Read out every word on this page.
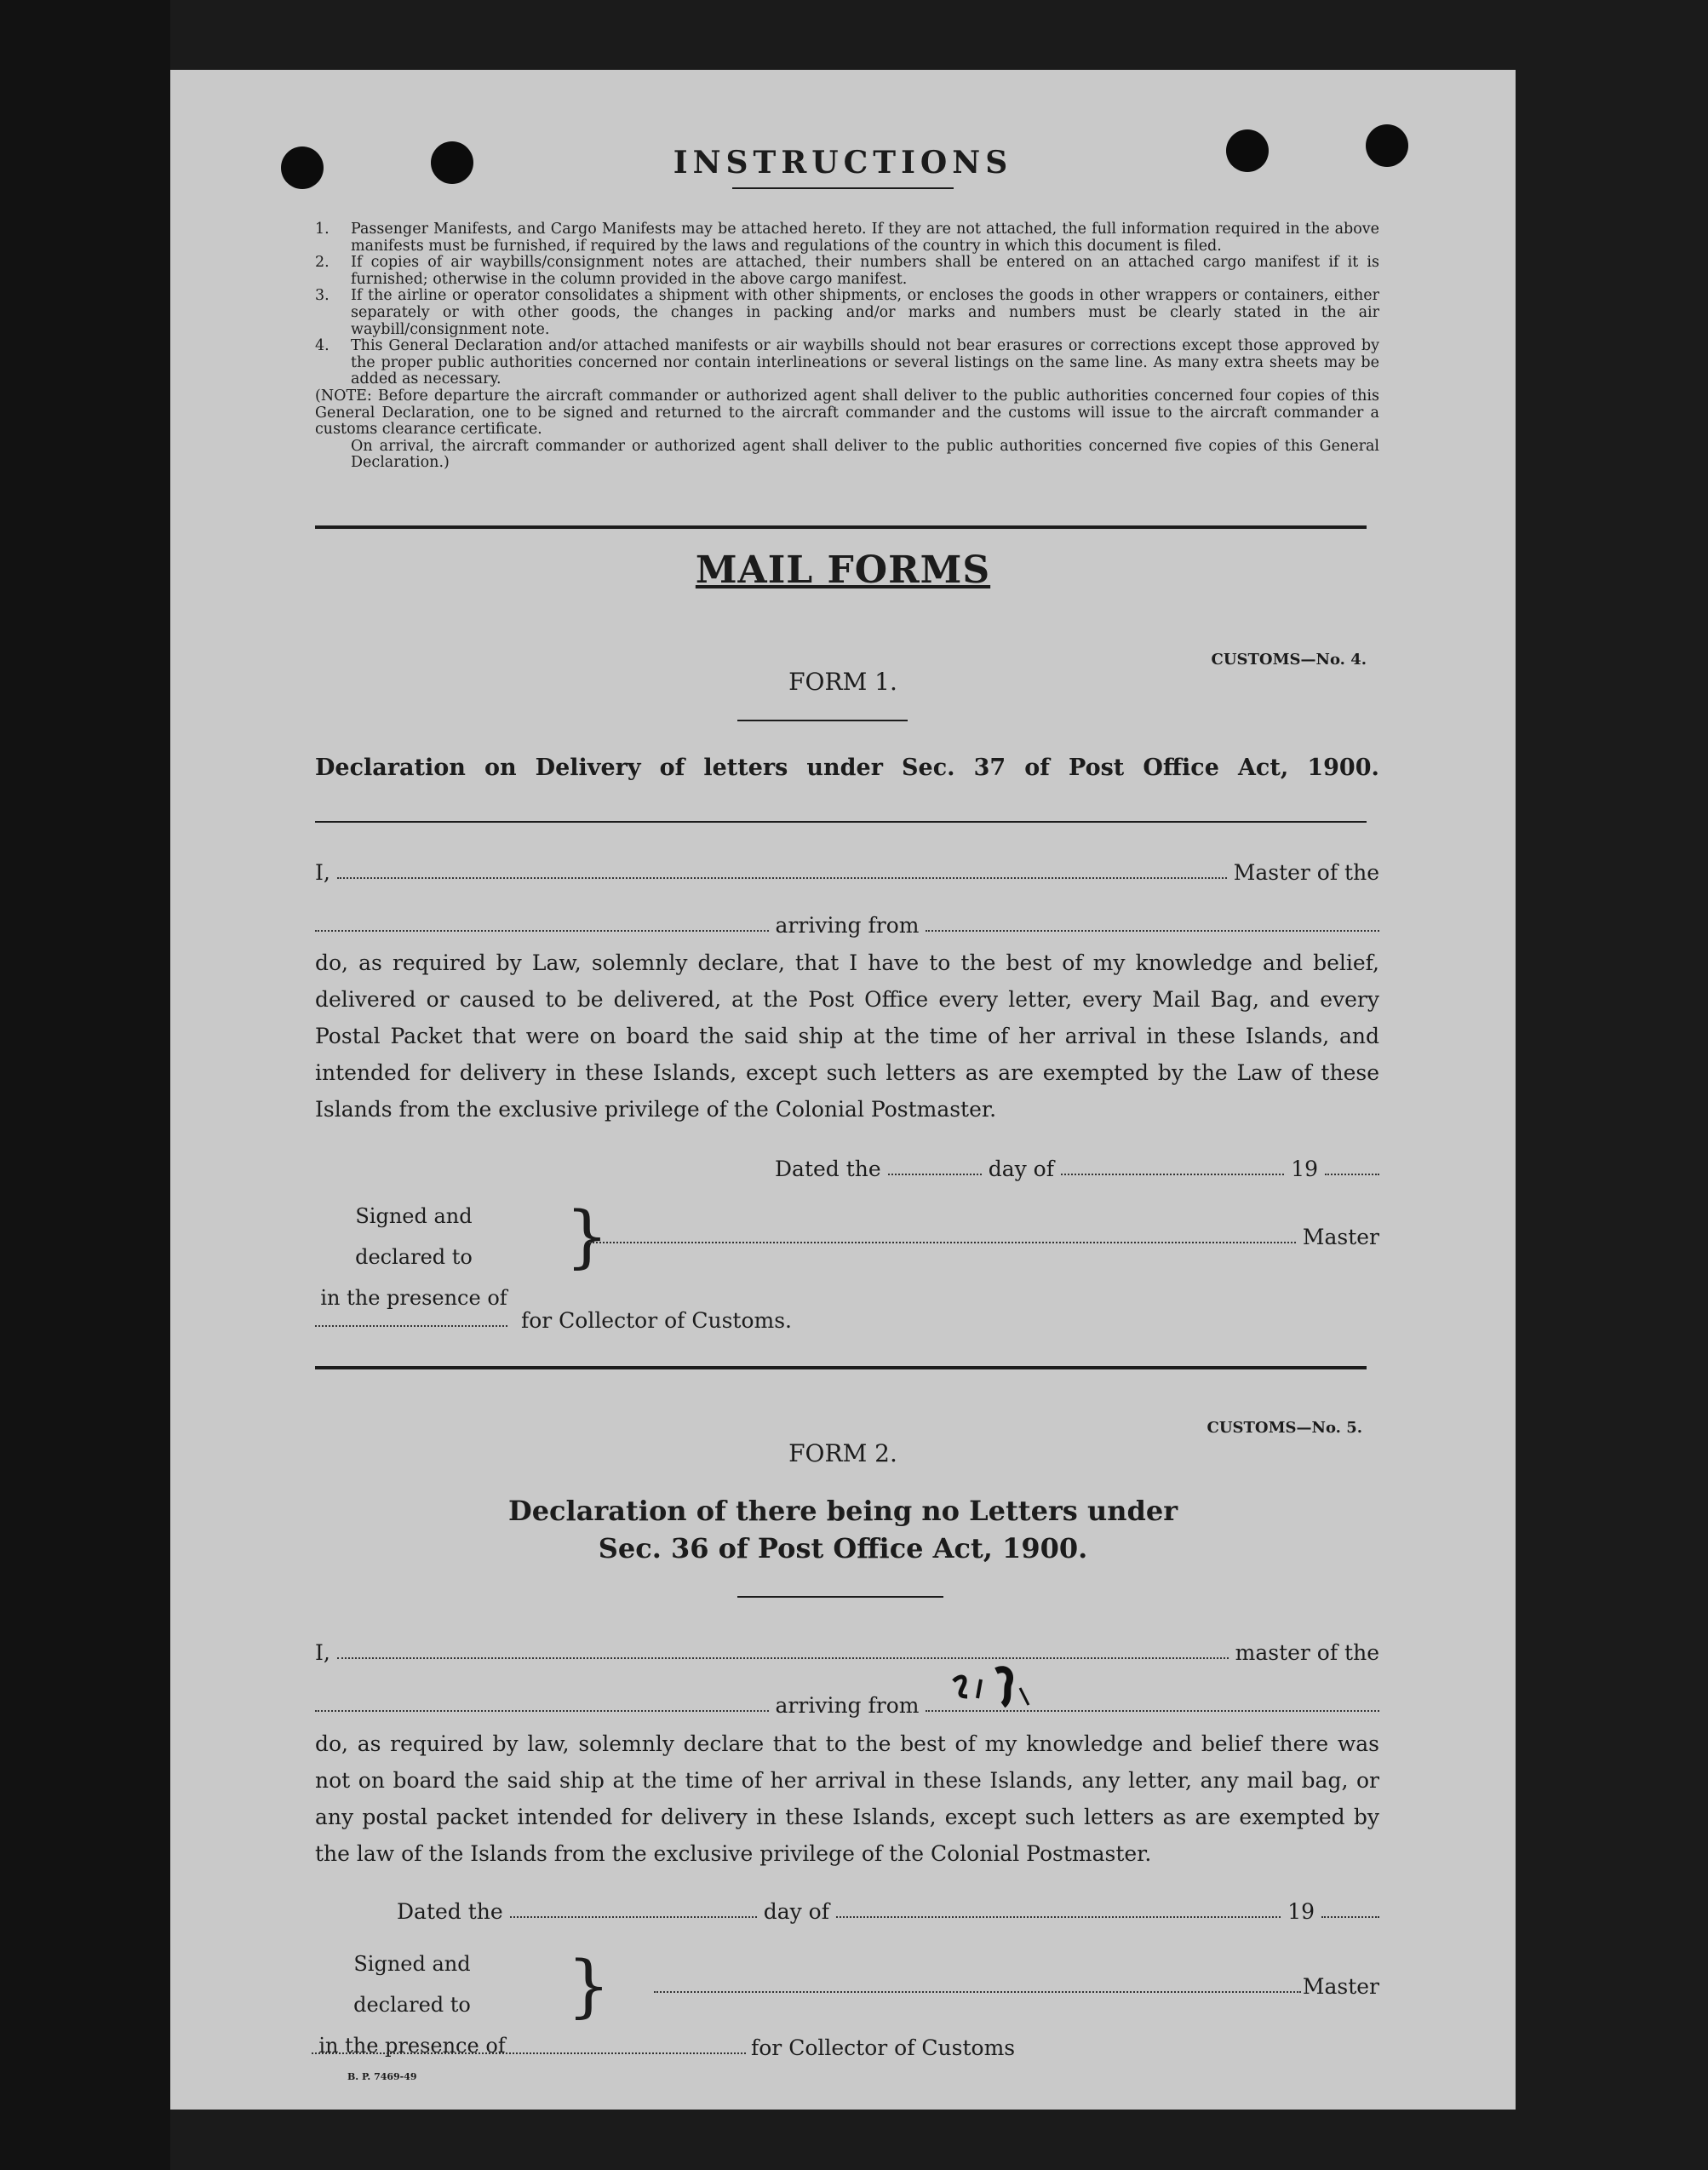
INSTRUCTIONS
1.	Passenger Manifests, and Cargo Manifests may be attached hereto. If they are not attached, the full information required in the above manifests must be furnished, if required by the laws and regulations of the country in which this document is filed.
2.	If copies of air waybills/consignment notes are attached, their numbers shall be entered on an attached cargo manifest if it is furnished; otherwise in the column provided in the above cargo manifest.
3.	If the airline or operator consolidates a shipment with other shipments, or encloses the goods in other wrappers or containers, either separately or with other goods, the changes in packing and/or marks and numbers must be clearly stated in the air waybill/consignment note.
4.	This General Declaration and/or attached manifests or air waybills should not bear erasures or corrections except those approved by the proper public authorities concerned nor contain interlineations or several listings on the same line. As many extra sheets may be added as necessary.
(NOTE: Before departure the aircraft commander or authorized agent shall deliver to the public authorities concerned four copies of this General Declaration, one to be signed and returned to the aircraft commander and the customs will issue to the aircraft commander a customs clearance certificate.
On arrival, the aircraft commander or authorized agent shall deliver to the public authorities concerned five copies of this General Declaration.)
MAIL FORMS
CUSTOMS—No. 4.
FORM 1.
Declaration on Delivery of letters under Sec. 37 of Post Office Act, 1900.
I,	Master of the
arriving from
do, as required by Law, solemnly declare, that I have to the best of my knowledge and belief, delivered or caused to be delivered, at the Post Office every letter, every Mail Bag, and every Postal Packet that were on board the said ship at the time of her arrival in these Islands, and intended for delivery in these Islands, except such letters as are exempted by the Law of these Islands from the exclusive privilege of the Colonial Postmaster.
Dated the	day of	19
Signed and declared to
in the presence of
}	Master
for Collector of Customs.
CUSTOMS—No. 5.
FORM 2.
Declaration of there being no Letters under
Sec. 36 of Post Office Act, 1900.
I,	master of the
arriving from
do, as required by law, solemnly declare that to the best of my knowledge and belief there was not on board the said ship at the time of her arrival in these Islands, any letter, any mail bag, or any postal packet intended for delivery in these Islands, except such letters as are exempted by the law of the Islands from the exclusive privilege of the Colonial Postmaster.
Dated the	day of	19
Signed and declared to
in the presence of
}	Master
for Collector of Customs
B. P. 7469-49
